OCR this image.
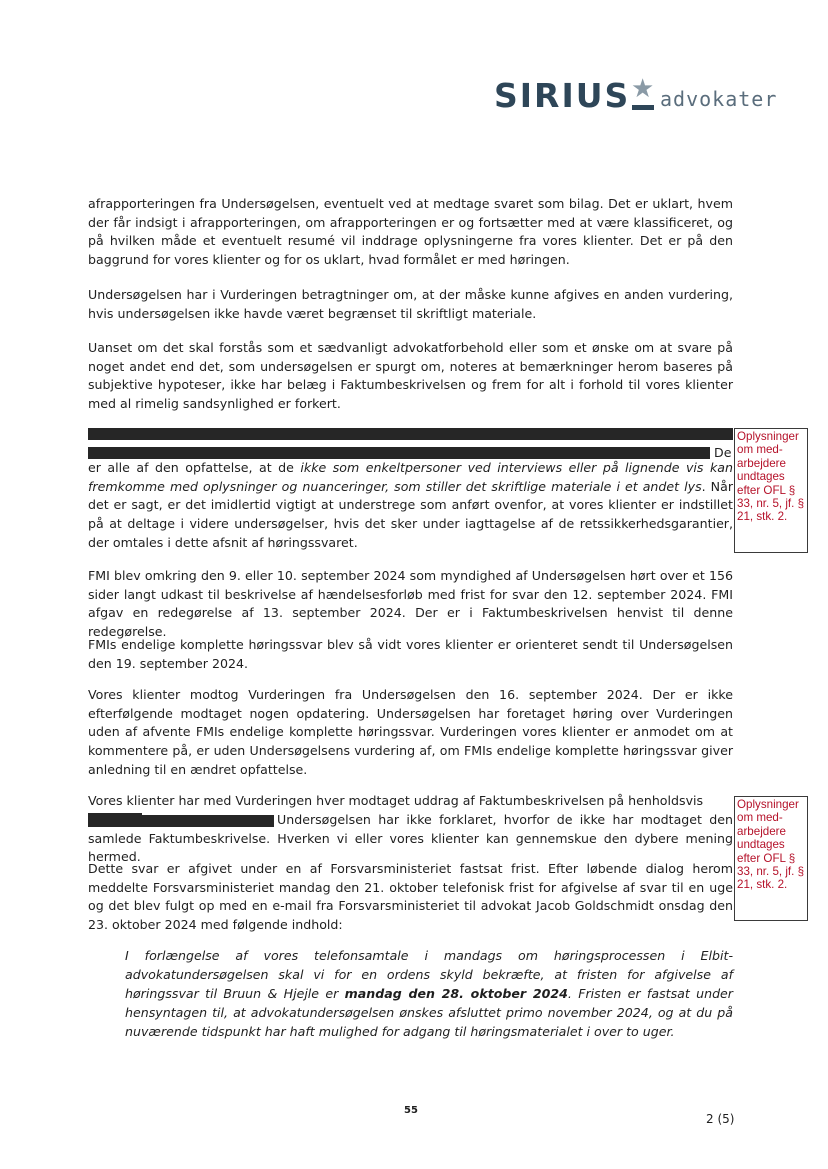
SIRIUS ★ advokater

afrapporteringen fra Undersøgelsen, eventuelt ved at medtage svaret som bilag. Det er uklart, hvem der får indsigt i afrapporteringen, om afrapporteringen er og fortsætter med at være klassificeret, og på hvilken måde et eventuelt resumé vil inddrage oplysningerne fra vores klienter. Det er på den baggrund for vores klienter og for os uklart, hvad formålet er med høringen.

Undersøgelsen har i Vurderingen betragtninger om, at der måske kunne afgives en anden vurdering, hvis undersøgelsen ikke havde været begrænset til skriftligt materiale.

Uanset om det skal forstås som et sædvanligt advokatforbehold eller som et ønske om at svare på noget andet end det, som undersøgelsen er spurgt om, noteres at bemærkninger herom baseres på subjektive hypoteser, ikke har belæg i Faktumbeskrivelsen og frem for alt i forhold til vores klienter med al rimelig sandsynlighed er forkert.

De

er alle af den opfattelse, at de ikke som enkeltpersoner ved interviews eller på lignende vis kan fremkomme med oplysninger og nuanceringer, som stiller det skriftlige materiale i et andet lys. Når det er sagt, er det imidlertid vigtigt at understrege som anført ovenfor, at vores klienter er indstillet på at deltage i videre undersøgelser, hvis det sker under iagttagelse af de retssikkerhedsgarantier, der omtales i dette afsnit af høringssvaret.

Oplysninger om med-arbejdere undtages efter OFL § 33, nr. 5, jf. § 21, stk. 2.

FMI blev omkring den 9. eller 10. september 2024 som myndighed af Undersøgelsen hørt over et 156 sider langt udkast til beskrivelse af hændelsesforløb med frist for svar den 12. september 2024. FMI afgav en redegørelse af 13. september 2024. Der er i Faktumbeskrivelsen henvist til denne redegørelse.

FMIs endelige komplette høringssvar blev så vidt vores klienter er orienteret sendt til Undersøgelsen den 19. september 2024.

Vores klienter modtog Vurderingen fra Undersøgelsen den 16. september 2024. Der er ikke efterfølgende modtaget nogen opdatering. Undersøgelsen har foretaget høring over Vurderingen uden af afvente FMIs endelige komplette høringssvar. Vurderingen vores klienter er anmodet om at kommentere på, er uden Undersøgelsens vurdering af, om FMIs endelige komplette høringssvar giver anledning til en ændret opfattelse.

Vores klienter har med Vurderingen hver modtaget uddrag af Faktumbeskrivelsen på henholdsvis
Undersøgelsen har ikke forklaret, hvorfor de ikke har modtaget den samlede Faktumbeskrivelse. Hverken vi eller vores klienter kan gennemskue den dybere mening hermed.
Oplysninger om med-arbejdere undtages efter OFL § 33, nr. 5, jf. § 21, stk. 2.

Dette svar er afgivet under en af Forsvarsministeriet fastsat frist. Efter løbende dialog herom meddelte Forsvarsministeriet mandag den 21. oktober telefonisk frist for afgivelse af svar til en uge og det blev fulgt op med en e-mail fra Forsvarsministeriet til advokat Jacob Goldschmidt onsdag den 23. oktober 2024 med følgende indhold:

I forlængelse af vores telefonsamtale i mandags om høringsprocessen i Elbit-advokatundersøgelsen skal vi for en ordens skyld bekræfte, at fristen for afgivelse af høringssvar til Bruun & Hjejle er mandag den 28. oktober 2024. Fristen er fastsat under hensyntagen til, at advokatundersøgelsen ønskes afsluttet primo november 2024, og at du på nuværende tidspunkt har haft mulighed for adgang til høringsmaterialet i over to uger.

55
2 (5)
